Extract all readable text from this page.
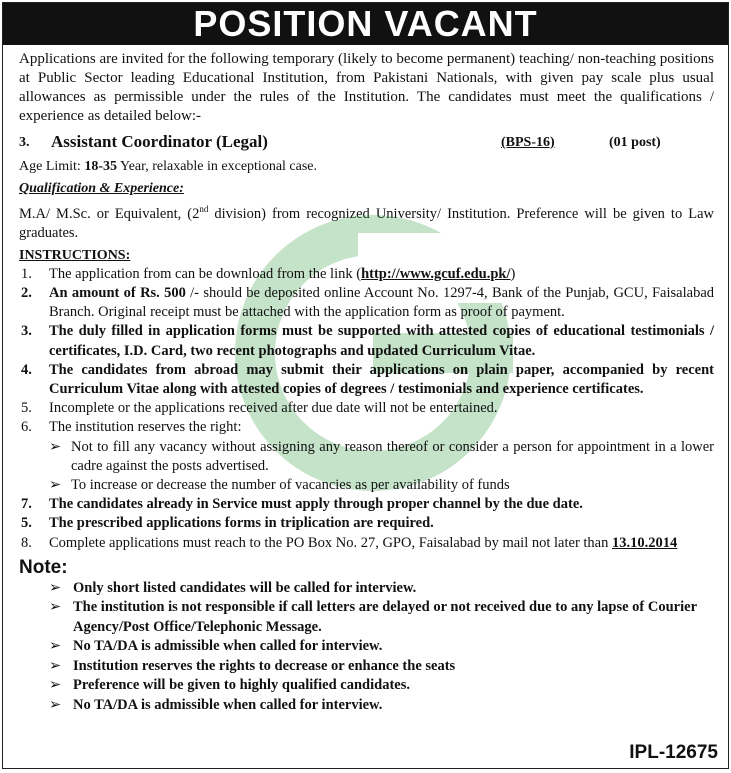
POSITION VACANT
Applications are invited for the following temporary (likely to become permanent) teaching/ non-teaching positions at Public Sector leading Educational Institution, from Pakistani Nationals, with given pay scale plus usual allowances as permissible under the rules of the Institution. The candidates must meet the qualifications / experience as detailed below:-
3. Assistant Coordinator (Legal)	(BPS-16)	(01 post)
Age Limit: 18-35 Year, relaxable in exceptional case.
Qualification & Experience:
M.A/ M.Sc. or Equivalent, (2nd division) from recognized University/ Institution. Preference will be given to Law graduates.
INSTRUCTIONS:
1. The application from can be download from the link (http://www.gcuf.edu.pk/)
2. An amount of Rs. 500 /- should be deposited online Account No. 1297-4, Bank of the Punjab, GCU, Faisalabad Branch. Original receipt must be attached with the application form as proof of payment.
3. The duly filled in application forms must be supported with attested copies of educational testimonials / certificates, I.D. Card, two recent photographs and updated Curriculum Vitae.
4. The candidates from abroad may submit their applications on plain paper, accompanied by recent Curriculum Vitae along with attested copies of degrees / testimonials and experience certificates.
5. Incomplete or the applications received after due date will not be entertained.
6. The institution reserves the right:
➢ Not to fill any vacancy without assigning any reason thereof or consider a person for appointment in a lower cadre against the posts advertised.
➢ To increase or decrease the number of vacancies as per availability of funds
7. The candidates already in Service must apply through proper channel by the due date.
5. The prescribed applications forms in triplication are required.
8. Complete applications must reach to the PO Box No. 27, GPO, Faisalabad by mail not later than 13.10.2014
Note:
➢ Only short listed candidates will be called for interview.
➢ The institution is not responsible if call letters are delayed or not received due to any lapse of Courier Agency/Post Office/Telephonic Message.
➢ No TA/DA is admissible when called for interview.
➢ Institution reserves the rights to decrease or enhance the seats
➢ Preference will be given to highly qualified candidates.
➢ No TA/DA is admissible when called for interview.
IPL-12675
